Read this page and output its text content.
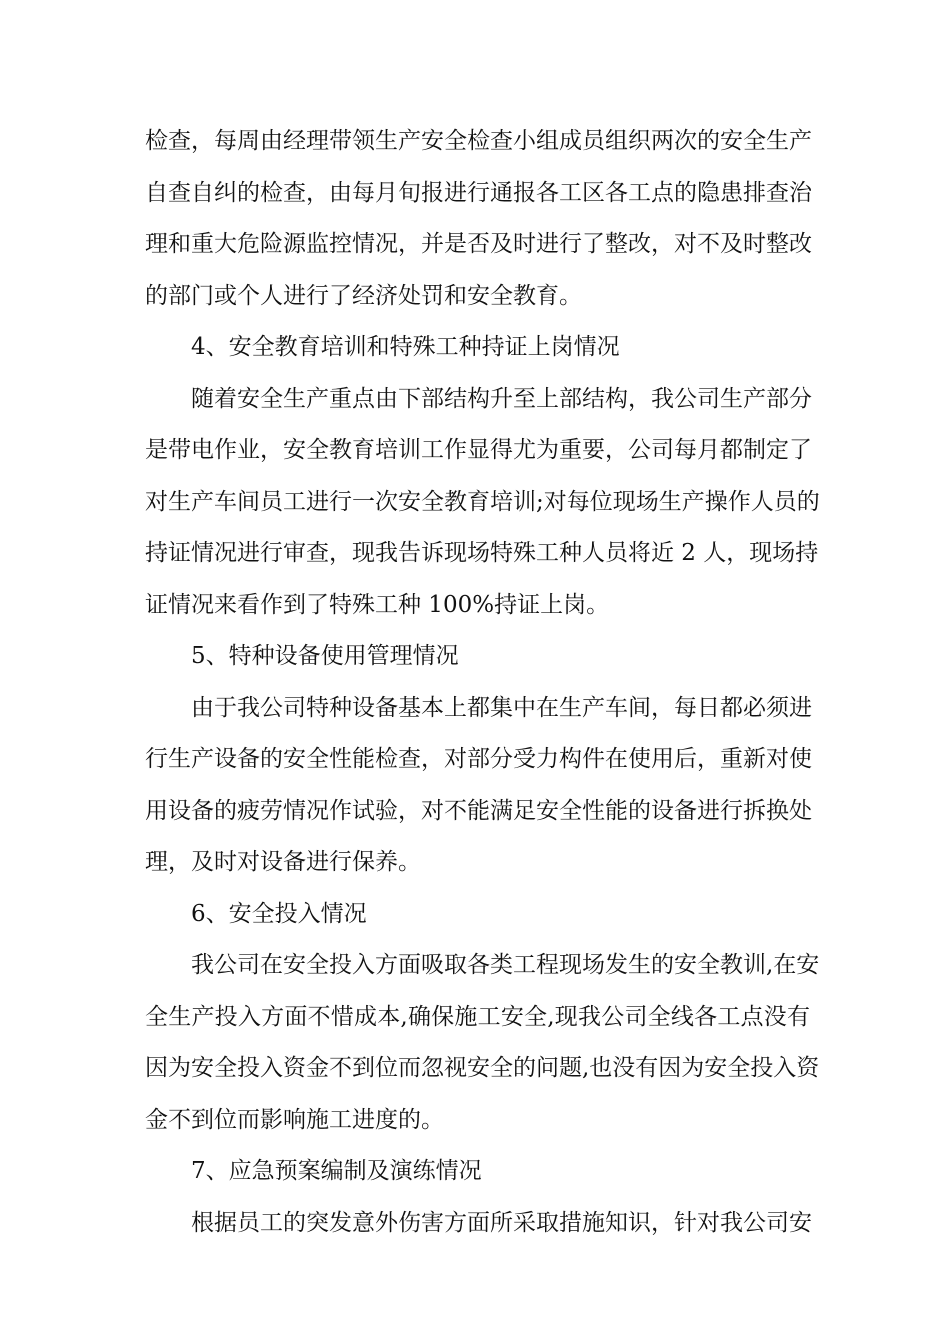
检查，每周由经理带领生产安全检查小组成员组织两次的安全生产
自查自纠的检查，由每月旬报进行通报各工区各工点的隐患排查治
理和重大危险源监控情况，并是否及时进行了整改，对不及时整改
的部门或个人进行了经济处罚和安全教育。
4、安全教育培训和特殊工种持证上岗情况
随着安全生产重点由下部结构升至上部结构，我公司生产部分
是带电作业，安全教育培训工作显得尤为重要，公司每月都制定了
对生产车间员工进行一次安全教育培训;对每位现场生产操作人员的
持证情况进行审查，现我告诉现场特殊工种人员将近 2 人，现场持
证情况来看作到了特殊工种 100%持证上岗。
5、特种设备使用管理情况
由于我公司特种设备基本上都集中在生产车间，每日都必须进
行生产设备的安全性能检查，对部分受力构件在使用后，重新对使
用设备的疲劳情况作试验，对不能满足安全性能的设备进行拆换处
理，及时对设备进行保养。
6、安全投入情况
我公司在安全投入方面吸取各类工程现场发生的安全教训,在安
全生产投入方面不惜成本,确保施工安全,现我公司全线各工点没有
因为安全投入资金不到位而忽视安全的问题,也没有因为安全投入资
金不到位而影响施工进度的。
7、应急预案编制及演练情况
根据员工的突发意外伤害方面所采取措施知识，针对我公司安
